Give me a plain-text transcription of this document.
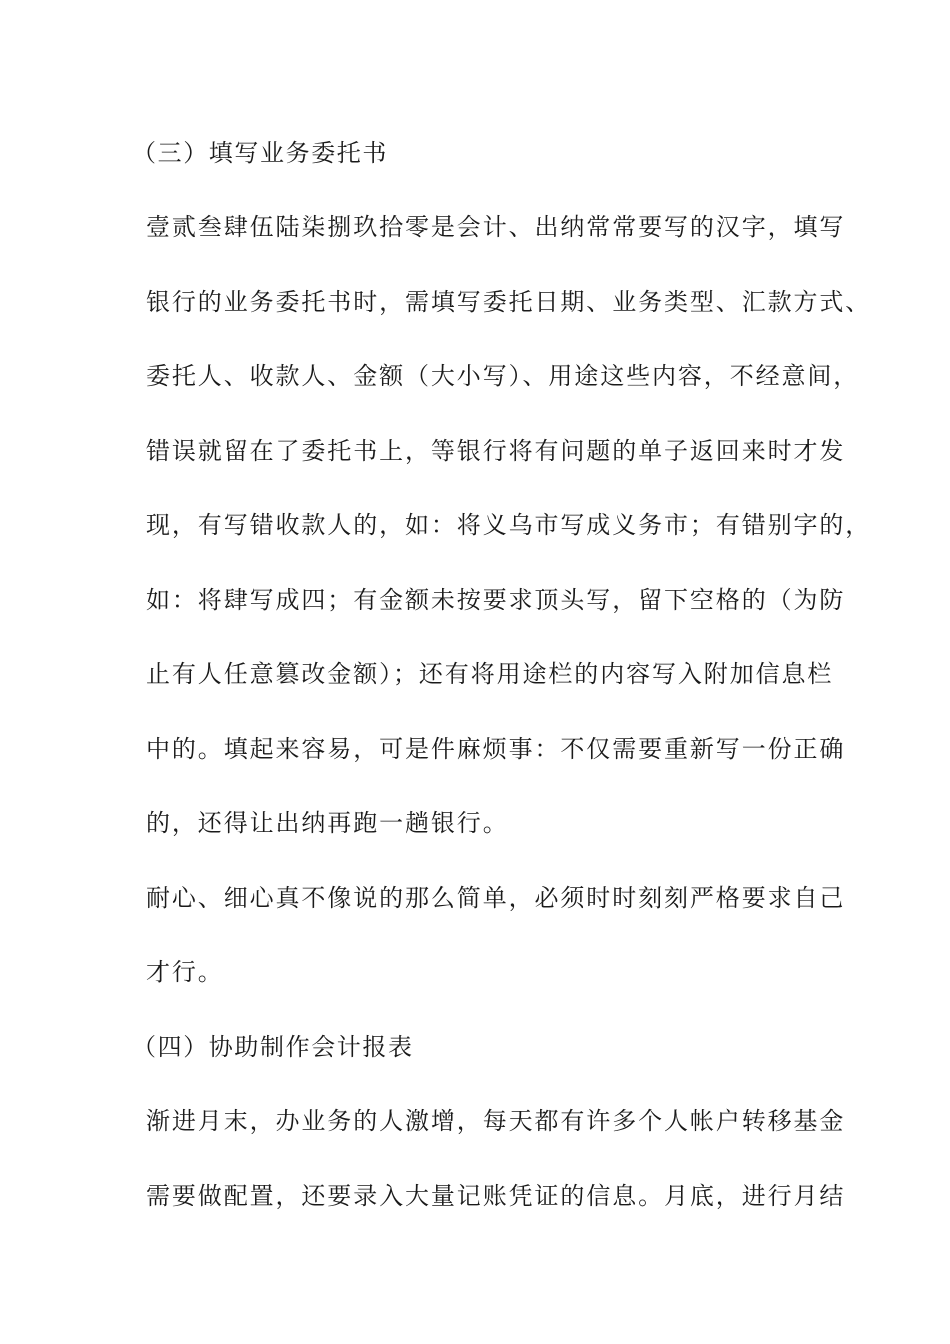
（三）填写业务委托书
壹贰叁肆伍陆柒捌玖拾零是会计、出纳常常要写的汉字，填写
银行的业务委托书时，需填写委托日期、业务类型、汇款方式、
委托人、收款人、金额（大小写）、用途这些内容，不经意间，
错误就留在了委托书上，等银行将有问题的单子返回来时才发
现，有写错收款人的，如：将义乌市写成义务市；有错别字的，
如：将肆写成四；有金额未按要求顶头写，留下空格的（为防
止有人任意篡改金额）；还有将用途栏的内容写入附加信息栏
中的。填起来容易，可是件麻烦事：不仅需要重新写一份正确
的，还得让出纳再跑一趟银行。
耐心、细心真不像说的那么简单，必须时时刻刻严格要求自己
才行。
（四）协助制作会计报表
渐进月末，办业务的人激增，每天都有许多个人帐户转移基金
需要做配置，还要录入大量记账凭证的信息。月底，进行月结
